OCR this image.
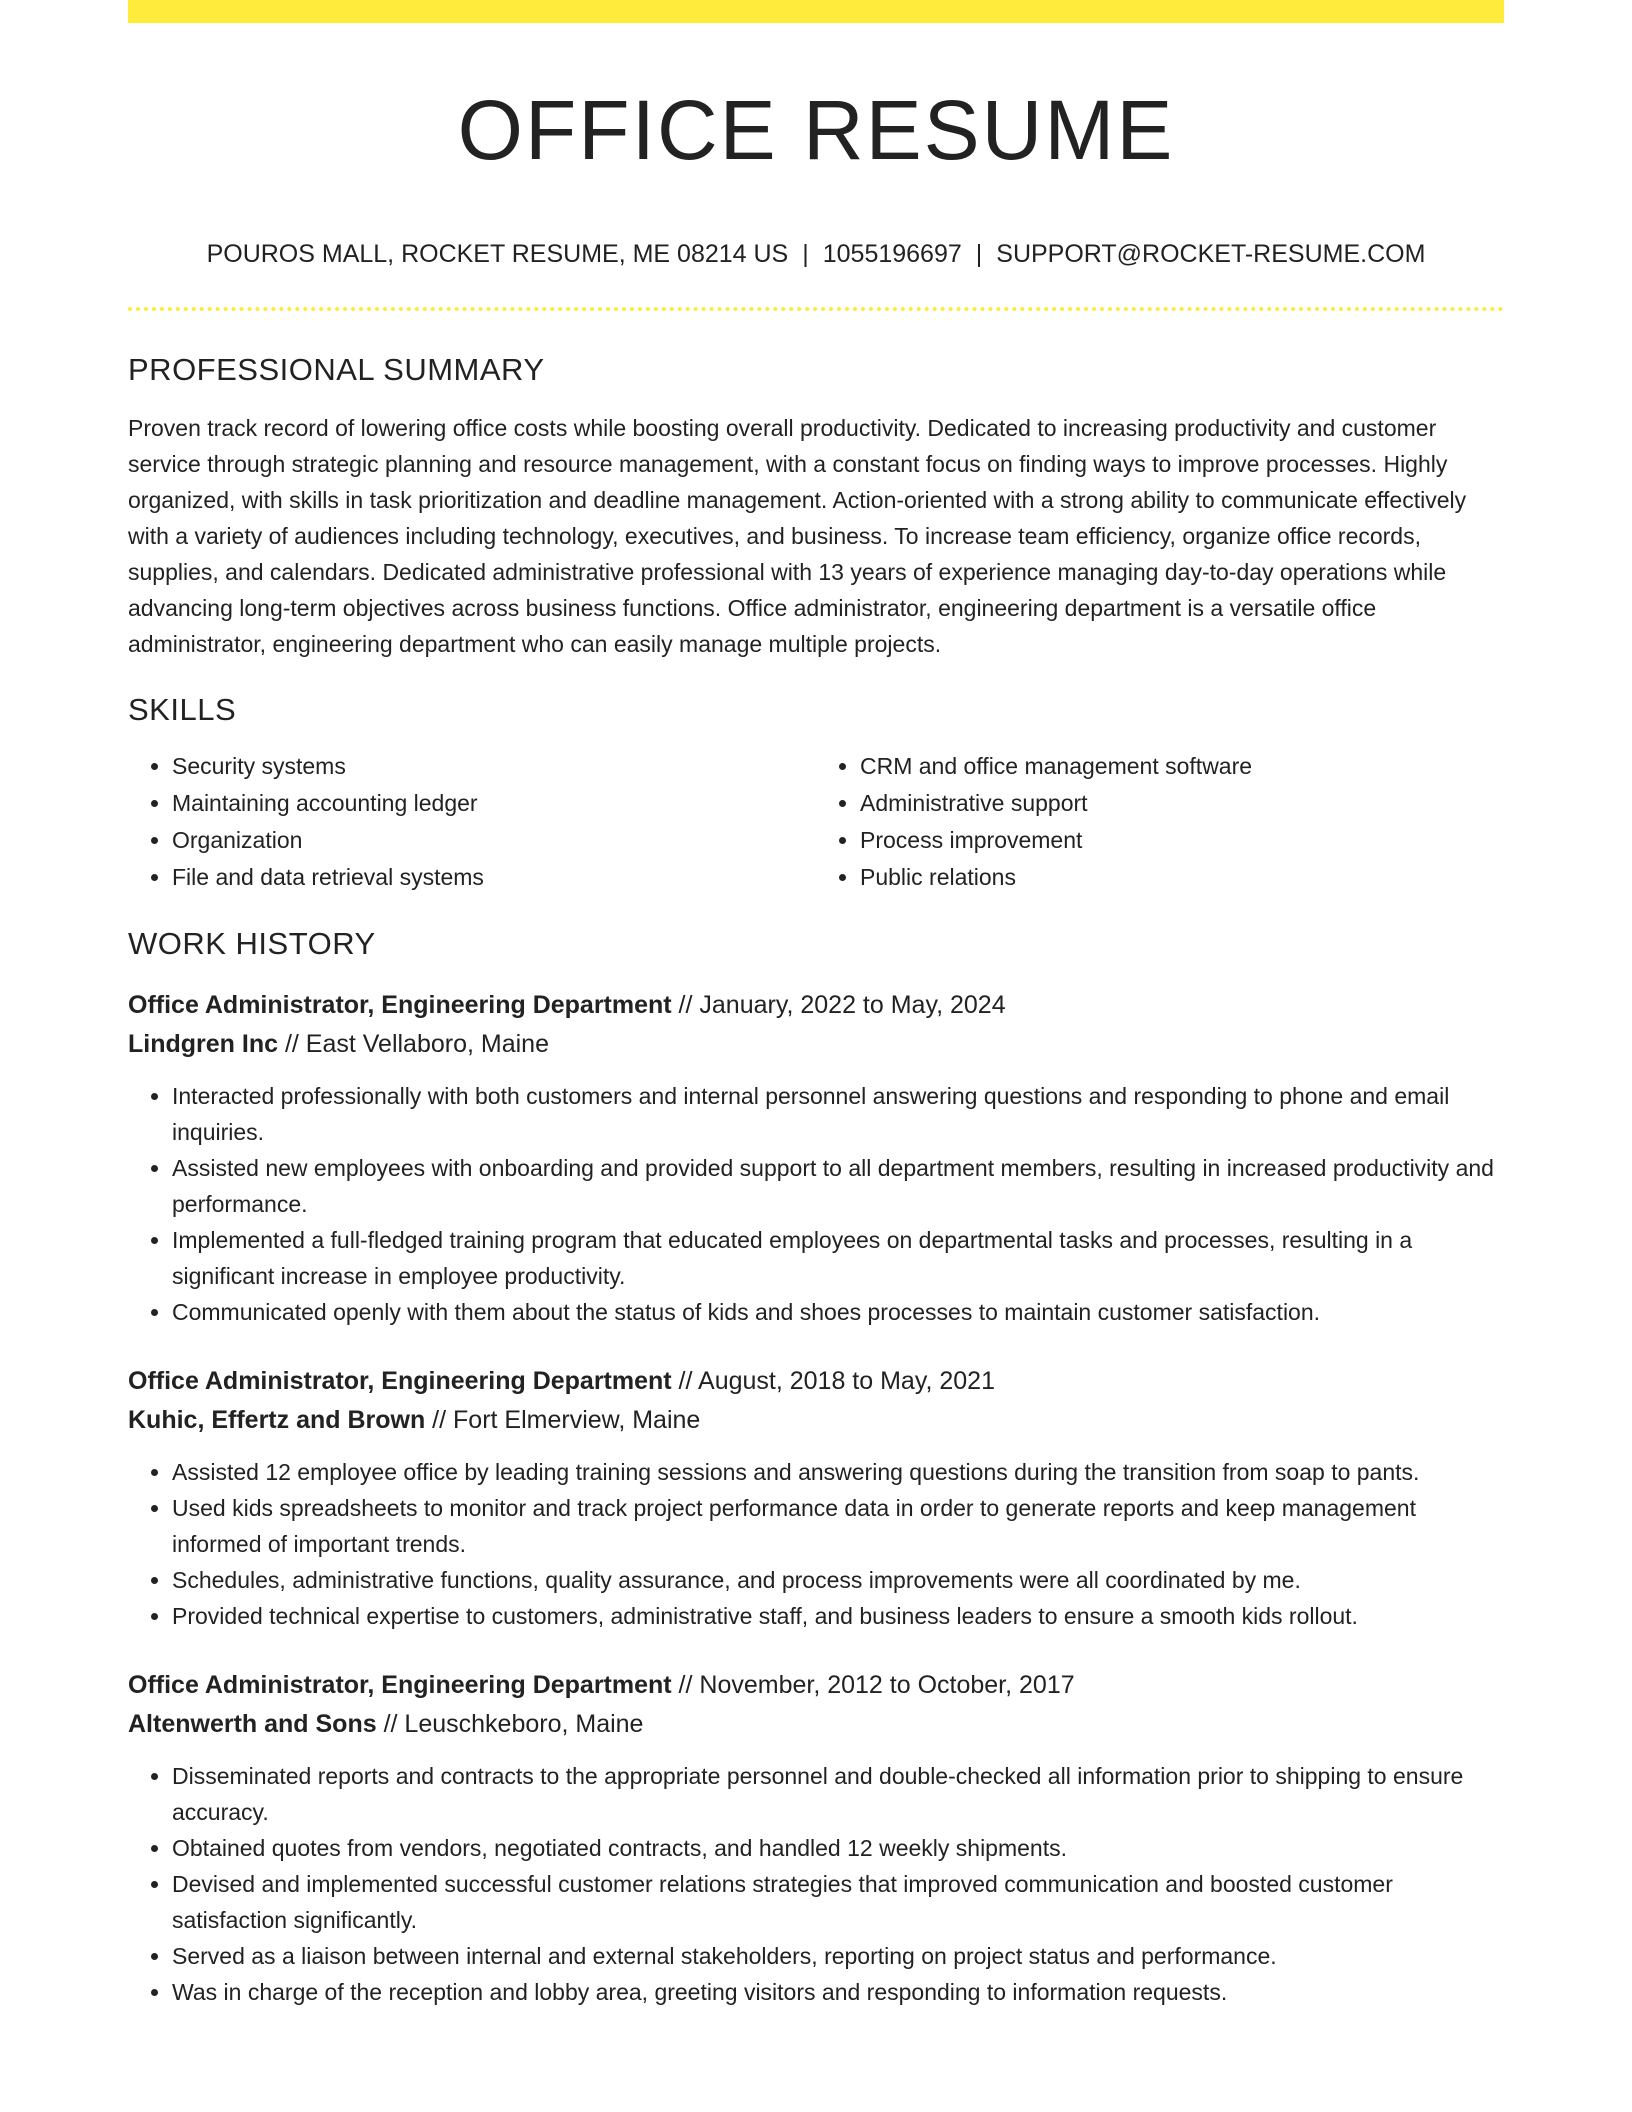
OFFICE RESUME
POUROS MALL, ROCKET RESUME, ME 08214 US | 1055196697 | SUPPORT@ROCKET-RESUME.COM
PROFESSIONAL SUMMARY

Proven track record of lowering office costs while boosting overall productivity. Dedicated to increasing productivity and customer service through strategic planning and resource management, with a constant focus on finding ways to improve processes. Highly organized, with skills in task prioritization and deadline management. Action-oriented with a strong ability to communicate effectively with a variety of audiences including technology, executives, and business. To increase team efficiency, organize office records, supplies, and calendars. Dedicated administrative professional with 13 years of experience managing day-to-day operations while advancing long-term objectives across business functions. Office administrator, engineering department is a versatile office administrator, engineering department who can easily manage multiple projects.

SKILLS
• Security systems
• Maintaining accounting ledger
• Organization
• File and data retrieval systems
• CRM and office management software
• Administrative support
• Process improvement
• Public relations
WORK HISTORY
Office Administrator, Engineering Department // January, 2022 to May, 2024
Lindgren Inc // East Vellaboro, Maine
• Interacted professionally with both customers and internal personnel answering questions and responding to phone and email inquiries.
• Assisted new employees with onboarding and provided support to all department members, resulting in increased productivity and performance.
• Implemented a full-fledged training program that educated employees on departmental tasks and processes, resulting in a significant increase in employee productivity.
• Communicated openly with them about the status of kids and shoes processes to maintain customer satisfaction.
Office Administrator, Engineering Department // August, 2018 to May, 2021
Kuhic, Effertz and Brown // Fort Elmerview, Maine
• Assisted 12 employee office by leading training sessions and answering questions during the transition from soap to pants.
• Used kids spreadsheets to monitor and track project performance data in order to generate reports and keep management informed of important trends.
• Schedules, administrative functions, quality assurance, and process improvements were all coordinated by me.
• Provided technical expertise to customers, administrative staff, and business leaders to ensure a smooth kids rollout.
Office Administrator, Engineering Department // November, 2012 to October, 2017
Altenwerth and Sons // Leuschkeboro, Maine
• Disseminated reports and contracts to the appropriate personnel and double-checked all information prior to shipping to ensure accuracy.
• Obtained quotes from vendors, negotiated contracts, and handled 12 weekly shipments.
• Devised and implemented successful customer relations strategies that improved communication and boosted customer satisfaction significantly.
• Served as a liaison between internal and external stakeholders, reporting on project status and performance.
• Was in charge of the reception and lobby area, greeting visitors and responding to information requests.
